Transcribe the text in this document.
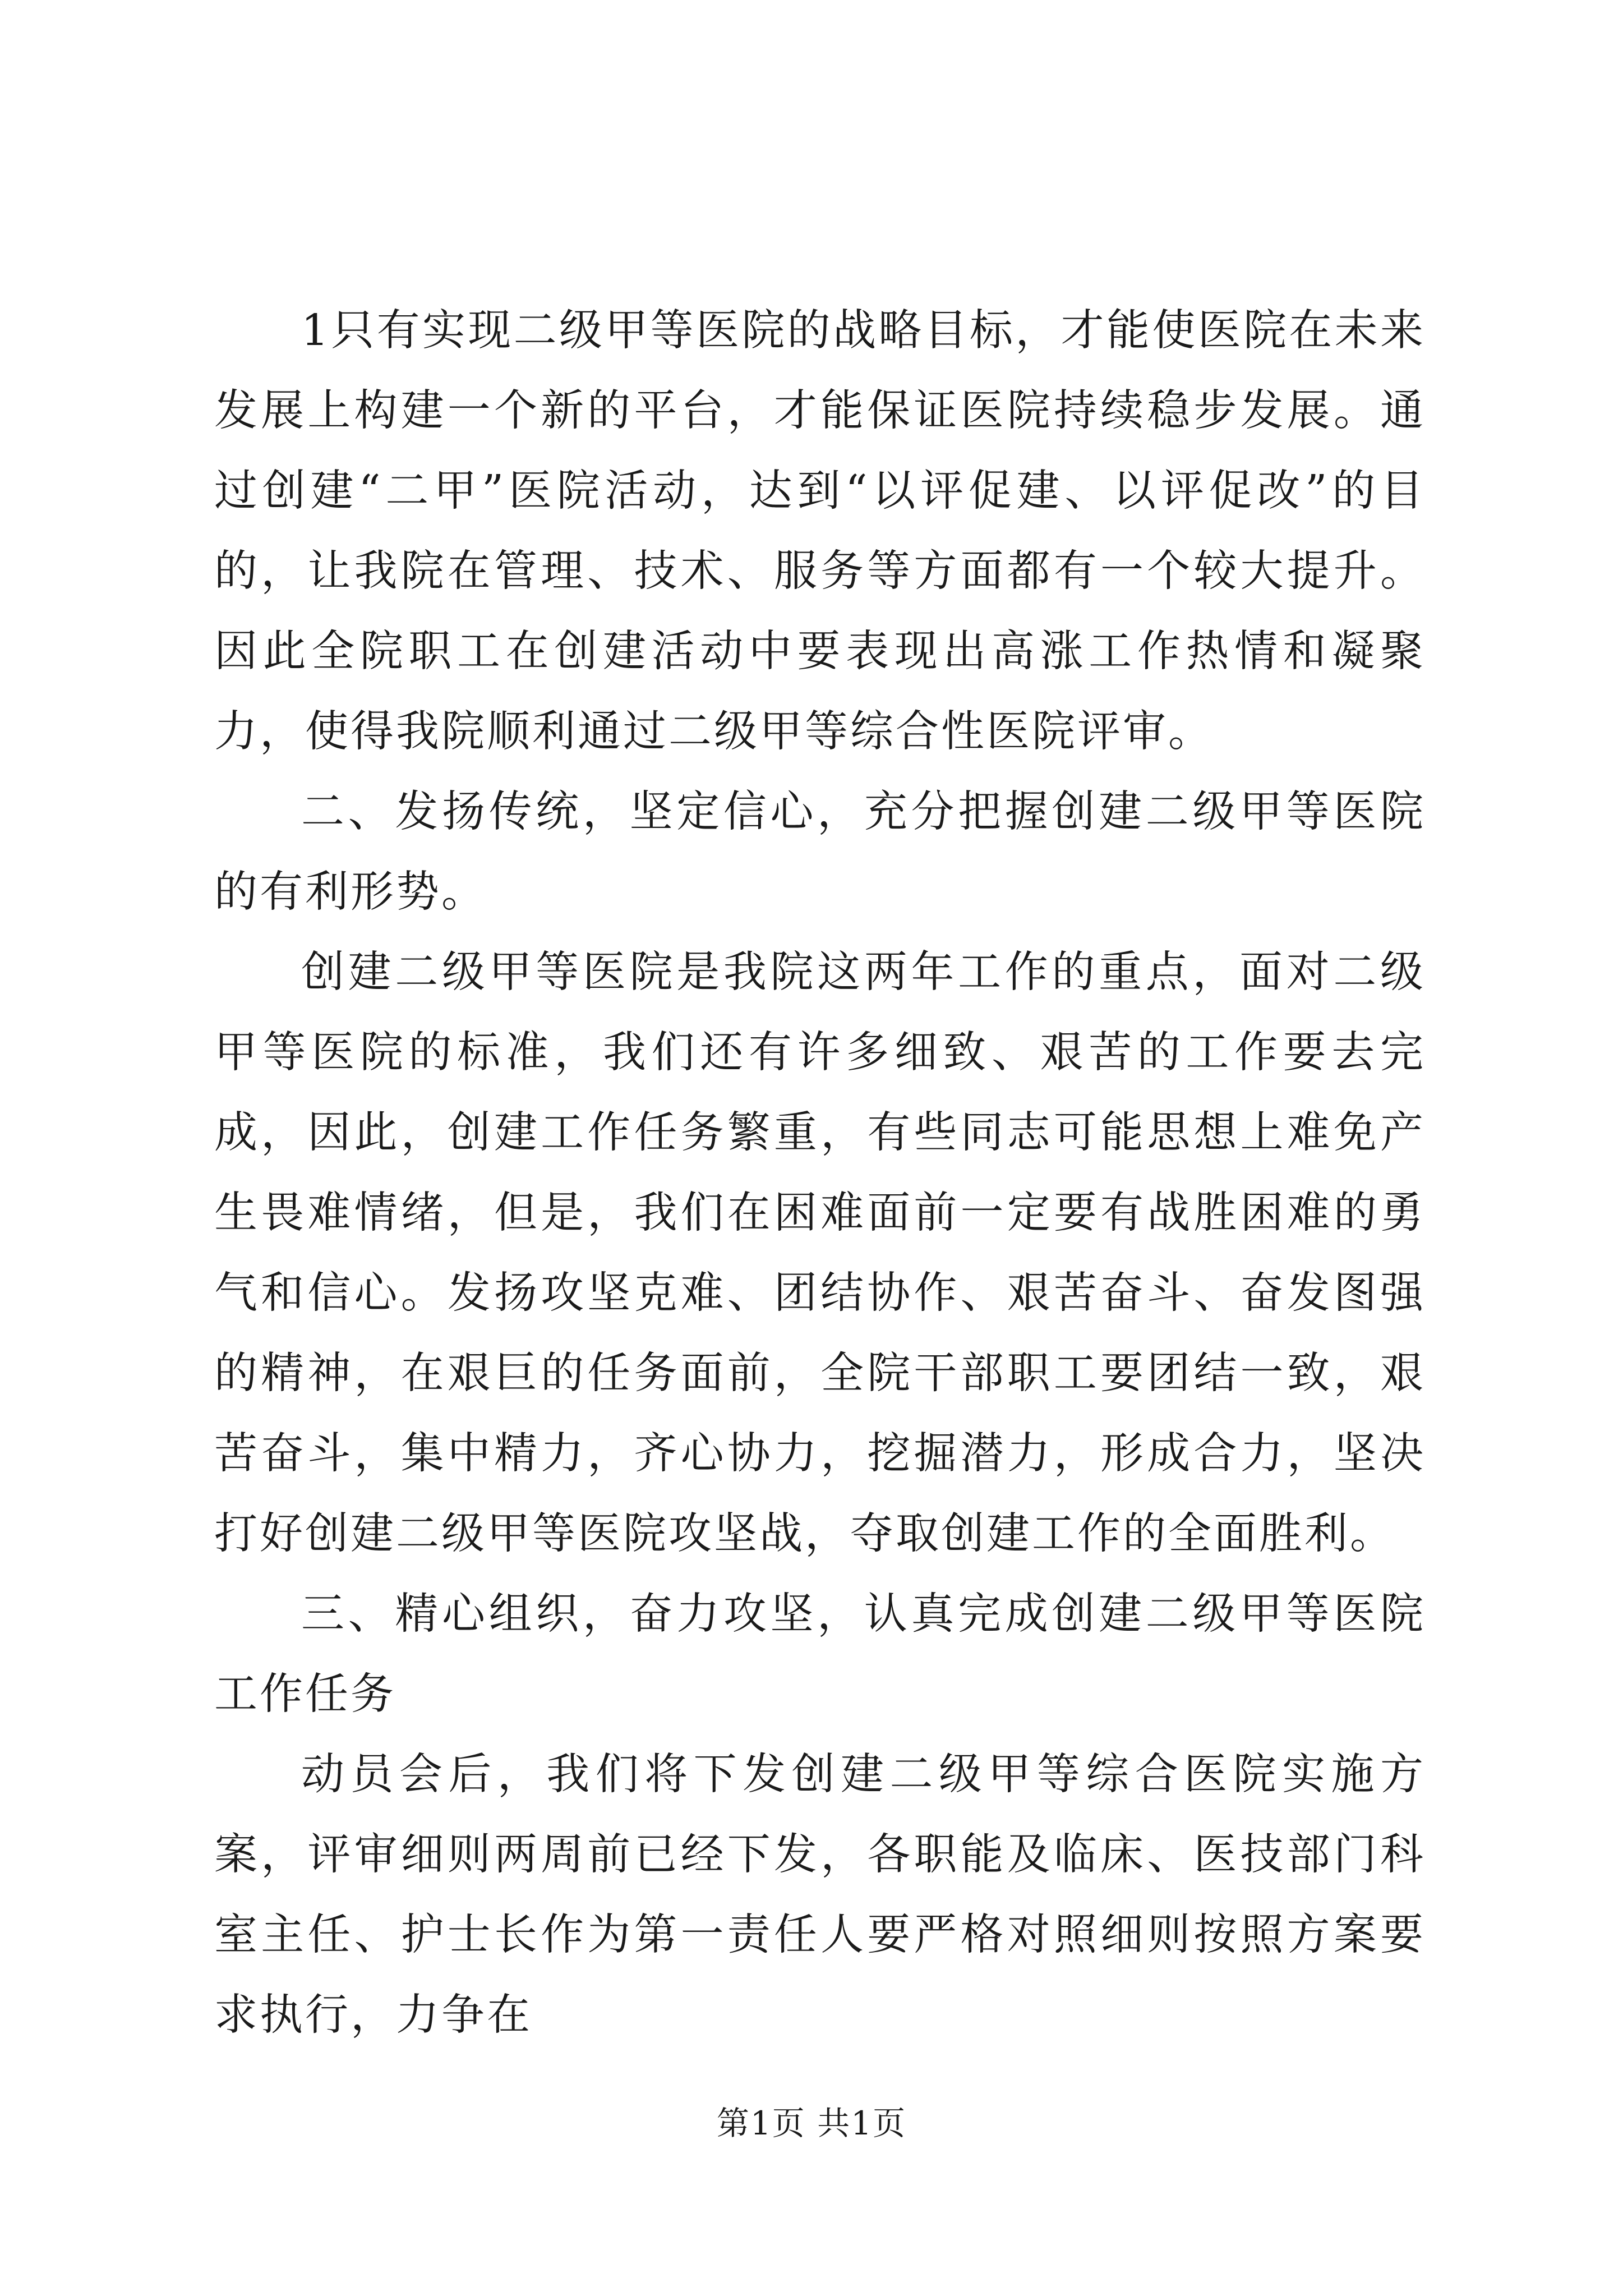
1只有实现二级甲等医院的战略目标，才能使医院在未来发展上构建一个新的平台，才能保证医院持续稳步发展。通过创建“二甲”医院活动，达到“以评促建、以评促改”的目的，让我院在管理、技术、服务等方面都有一个较大提升。因此全院职工在创建活动中要表现出高涨工作热情和凝聚力，使得我院顺利通过二级甲等综合性医院评审。

二、发扬传统，坚定信心，充分把握创建二级甲等医院的有利形势。

创建二级甲等医院是我院这两年工作的重点，面对二级甲等医院的标准，我们还有许多细致、艰苦的工作要去完成，因此，创建工作任务繁重，有些同志可能思想上难免产生畏难情绪，但是，我们在困难面前一定要有战胜困难的勇气和信心。发扬攻坚克难、团结协作、艰苦奋斗、奋发图强的精神，在艰巨的任务面前，全院干部职工要团结一致，艰苦奋斗，集中精力，齐心协力，挖掘潜力，形成合力，坚决打好创建二级甲等医院攻坚战，夺取创建工作的全面胜利。

三、精心组织，奋力攻坚，认真完成创建二级甲等医院工作任务

动员会后，我们将下发创建二级甲等综合医院实施方案，评审细则两周前已经下发，各职能及临床、医技部门科室主任、护士长作为第一责任人要严格对照细则按照方案要求执行，力争在

第1页 共1页
